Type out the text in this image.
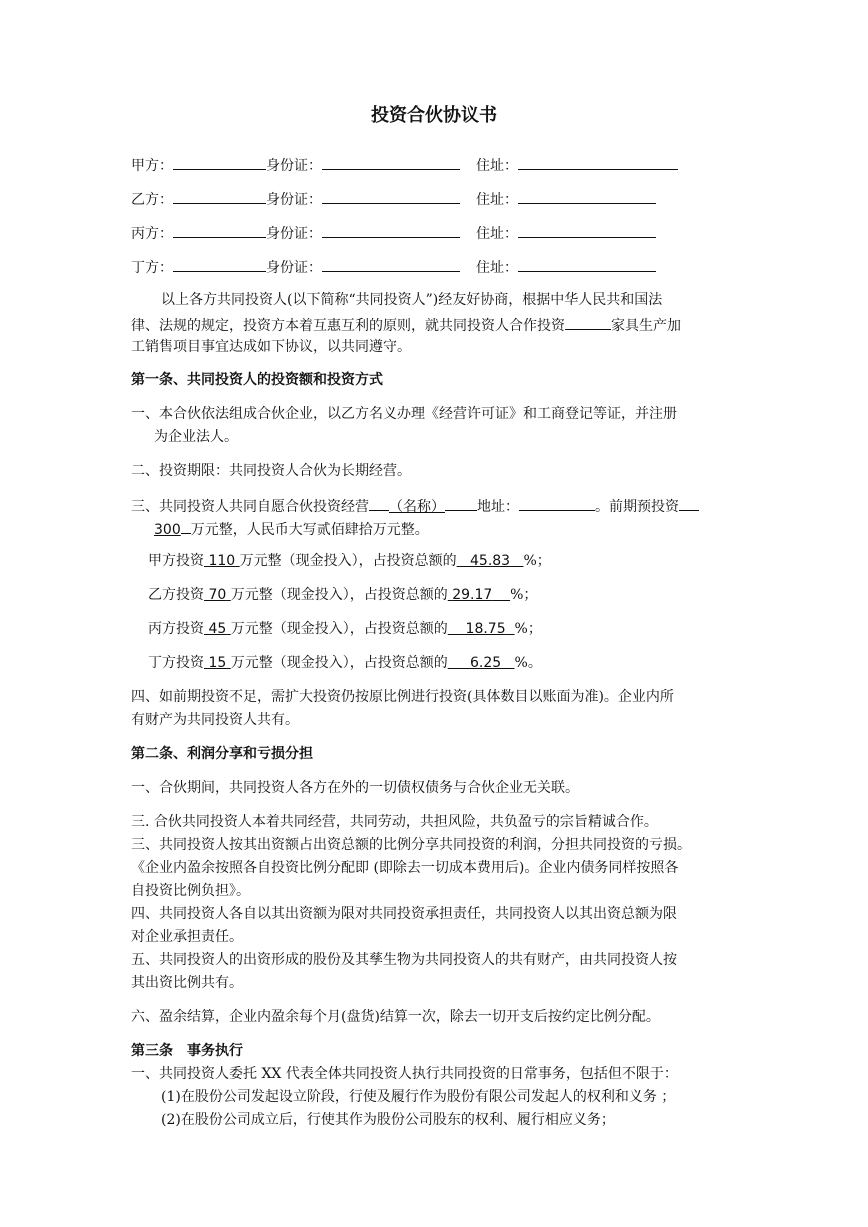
投资合伙协议书
甲方：	身份证：	住址：
乙方：	身份证：	住址：
丙方：	身份证：	住址：
丁方：	身份证：	住址：
以上各方共同投资人(以下简称“共同投资人”)经友好协商，根据中华人民共和国法
律、法规的规定，投资方本着互惠互利的原则，就共同投资人合作投资	家具生产加
工销售项目事宜达成如下协议，以共同遵守。
第一条、共同投资人的投资额和投资方式
一、本合伙依法组成合伙企业，以乙方名义办理《经营许可证》和工商登记等证，并注册
为企业法人。
二、投资期限：共同投资人合伙为长期经营。
三、共同投资人共同自愿合伙投资经营 （名称） 地址：	。前期预投资
300 万元整，人民币大写贰佰肆拾万元整。
甲方投资 110 万元整（现金投入），占投资总额的 45.83 %；
乙方投资 70 万元整（现金投入），占投资总额的 29.17 %；
丙方投资 45 万元整（现金投入），占投资总额的 18.75 %；
丁方投资 15 万元整（现金投入），占投资总额的 6.25 %。
四、如前期投资不足，需扩大投资仍按原比例进行投资(具体数目以账面为准)。企业内所
有财产为共同投资人共有。
第二条、利润分享和亏损分担
一、合伙期间，共同投资人各方在外的一切债权债务与合伙企业无关联。
三. 合伙共同投资人本着共同经营，共同劳动，共担风险，共负盈亏的宗旨精诚合作。
三、共同投资人按其出资额占出资总额的比例分享共同投资的利润，分担共同投资的亏损。
《企业内盈余按照各自投资比例分配即 (即除去一切成本费用后)。企业内债务同样按照各
自投资比例负担》。
四、共同投资人各自以其出资额为限对共同投资承担责任，共同投资人以其出资总额为限
对企业承担责任。
五、共同投资人的出资形成的股份及其孳生物为共同投资人的共有财产，由共同投资人按
其出资比例共有。
六、盈余结算，企业内盈余每个月(盘货)结算一次，除去一切开支后按约定比例分配。
第三条　事务执行
一、共同投资人委托 XX 代表全体共同投资人执行共同投资的日常事务，包括但不限于：
(1)在股份公司发起设立阶段，行使及履行作为股份有限公司发起人的权利和义务 ；
(2)在股份公司成立后，行使其作为股份公司股东的权利、履行相应义务；
